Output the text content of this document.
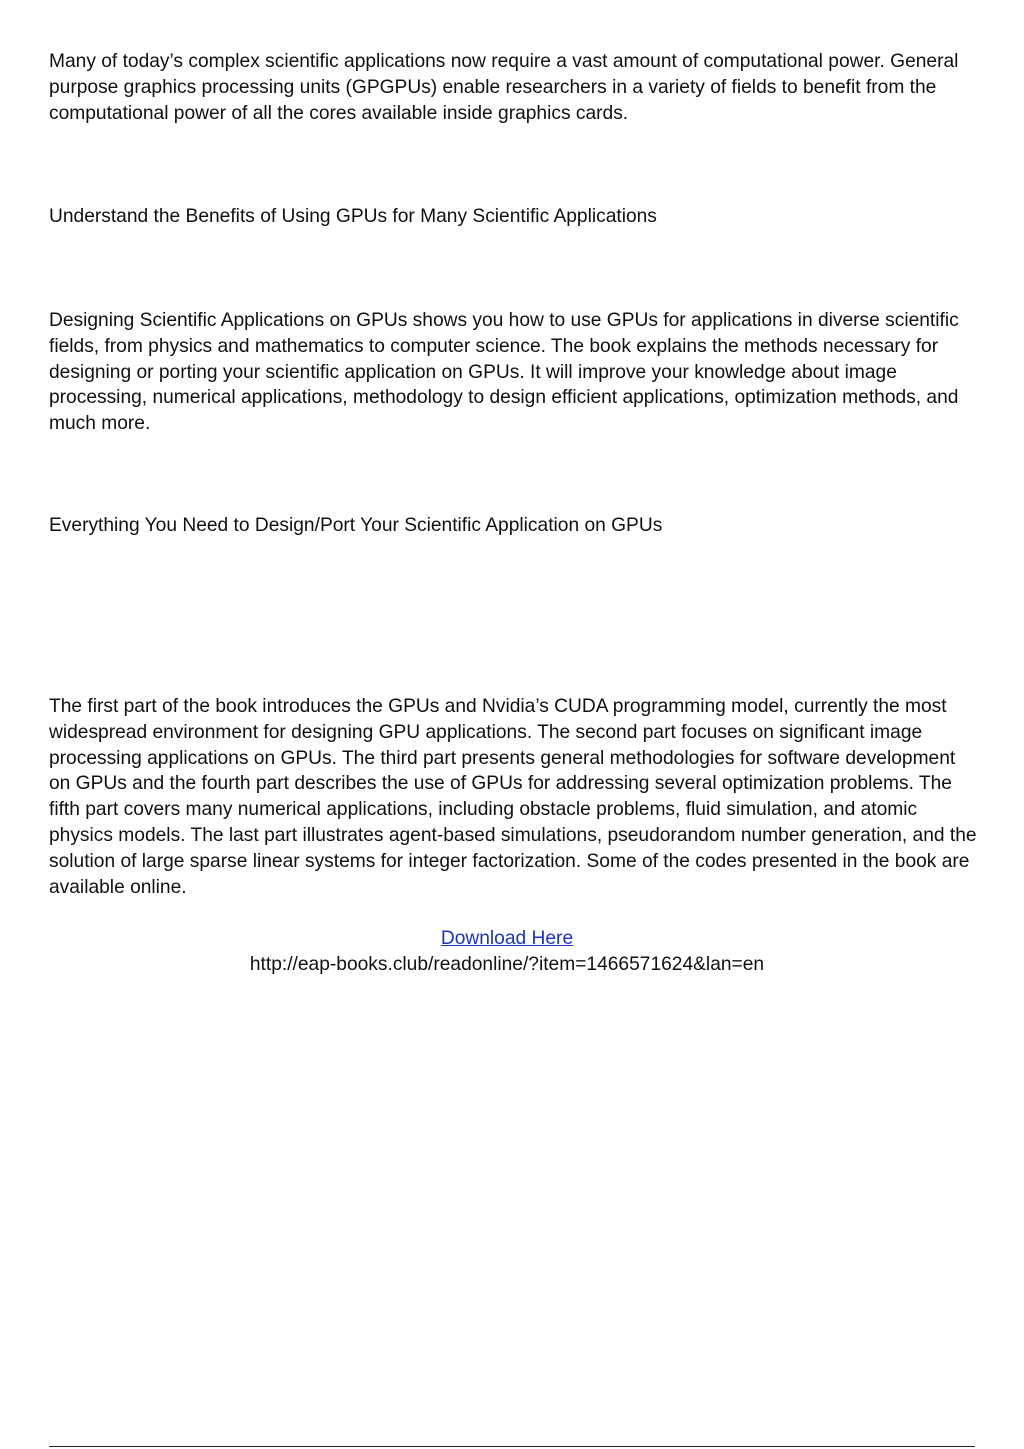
Many of today’s complex scientific applications now require a vast amount of computational power. General purpose graphics processing units (GPGPUs) enable researchers in a variety of fields to benefit from the computational power of all the cores available inside graphics cards.

Understand the Benefits of Using GPUs for Many Scientific Applications

Designing Scientific Applications on GPUs shows you how to use GPUs for applications in diverse scientific fields, from physics and mathematics to computer science. The book explains the methods necessary for designing or porting your scientific application on GPUs. It will improve your knowledge about image processing, numerical applications, methodology to design efficient applications, optimization methods, and much more.

Everything You Need to Design/Port Your Scientific Application on GPUs

The first part of the book introduces the GPUs and Nvidia’s CUDA programming model, currently the most widespread environment for designing GPU applications. The second part focuses on significant image processing applications on GPUs. The third part presents general methodologies for software development on GPUs and the fourth part describes the use of GPUs for addressing several optimization problems. The fifth part covers many numerical applications, including obstacle problems, fluid simulation, and atomic physics models. The last part illustrates agent-based simulations, pseudorandom number generation, and the solution of large sparse linear systems for integer factorization. Some of the codes presented in the book are available online.

Download Here
http://eap-books.club/readonline/?item=1466571624&lan=en
